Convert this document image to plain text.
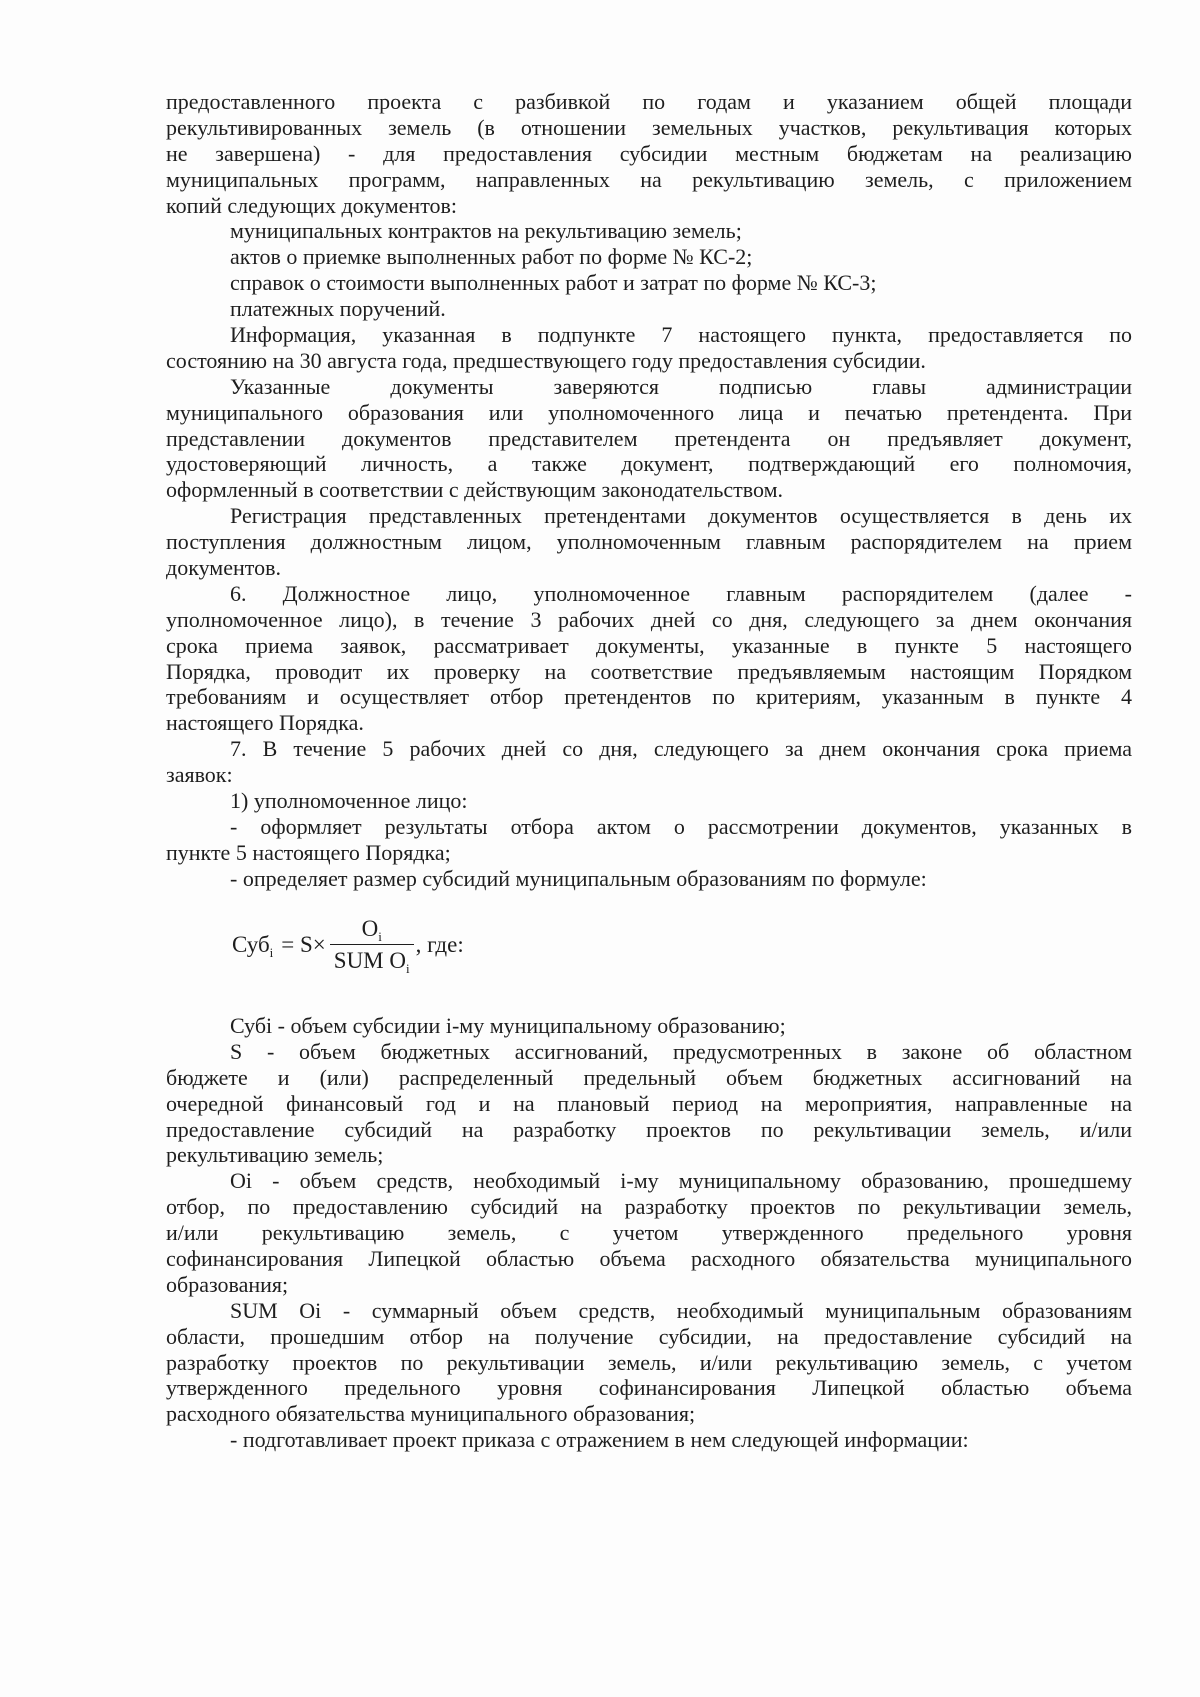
предоставленного проекта с разбивкой по годам и указанием общей площади
рекультивированных земель (в отношении земельных участков, рекультивация которых
не завершена) - для предоставления субсидии местным бюджетам на реализацию
муниципальных программ, направленных на рекультивацию земель, с приложением
копий следующих документов:
муниципальных контрактов на рекультивацию земель;
актов о приемке выполненных работ по форме № КС-2;
справок о стоимости выполненных работ и затрат по форме № КС-3;
платежных поручений.
Информация, указанная в подпункте 7 настоящего пункта, предоставляется по
состоянию на 30 августа года, предшествующего году предоставления субсидии.
Указанные документы заверяются подписью главы администрации
муниципального образования или уполномоченного лица и печатью претендента. При
представлении документов представителем претендента он предъявляет документ,
удостоверяющий личность, а также документ, подтверждающий его полномочия,
оформленный в соответствии с действующим законодательством.
Регистрация представленных претендентами документов осуществляется в день их
поступления должностным лицом, уполномоченным главным распорядителем на прием
документов.
6. Должностное лицо, уполномоченное главным распорядителем (далее -
уполномоченное лицо), в течение 3 рабочих дней со дня, следующего за днем окончания
срока приема заявок, рассматривает документы, указанные в пункте 5 настоящего
Порядка, проводит их проверку на соответствие предъявляемым настоящим Порядком
требованиям и осуществляет отбор претендентов по критериям, указанным в пункте 4
настоящего Порядка.
7. В течение 5 рабочих дней со дня, следующего за днем окончания срока приема
заявок:
1) уполномоченное лицо:
- оформляет результаты отбора актом о рассмотрении документов, указанных в
пункте 5 настоящего Порядка;
- определяет размер субсидий муниципальным образованиям по формуле:
$Суб_i = S\times \frac{O_i}{SUM O_i}$ , где:
Субi - объем субсидии i-му муниципальному образованию;
S - объем бюджетных ассигнований, предусмотренных в законе об областном
бюджете и (или) распределенный предельный объем бюджетных ассигнований на
очередной финансовый год и на плановый период на мероприятия, направленные на
предоставление субсидий на разработку проектов по рекультивации земель, и/или
рекультивацию земель;
Oi - объем средств, необходимый i-му муниципальному образованию, прошедшему
отбор, по предоставлению субсидий на разработку проектов по рекультивации земель,
и/или рекультивацию земель, с учетом утвержденного предельного уровня
софинансирования Липецкой областью объема расходного обязательства муниципального
образования;
SUM Oi - суммарный объем средств, необходимый муниципальным образованиям
области, прошедшим отбор на получение субсидии, на предоставление субсидий на
разработку проектов по рекультивации земель, и/или рекультивацию земель, с учетом
утвержденного предельного уровня софинансирования Липецкой областью объема
расходного обязательства муниципального образования;
- подготавливает проект приказа с отражением в нем следующей информации:
